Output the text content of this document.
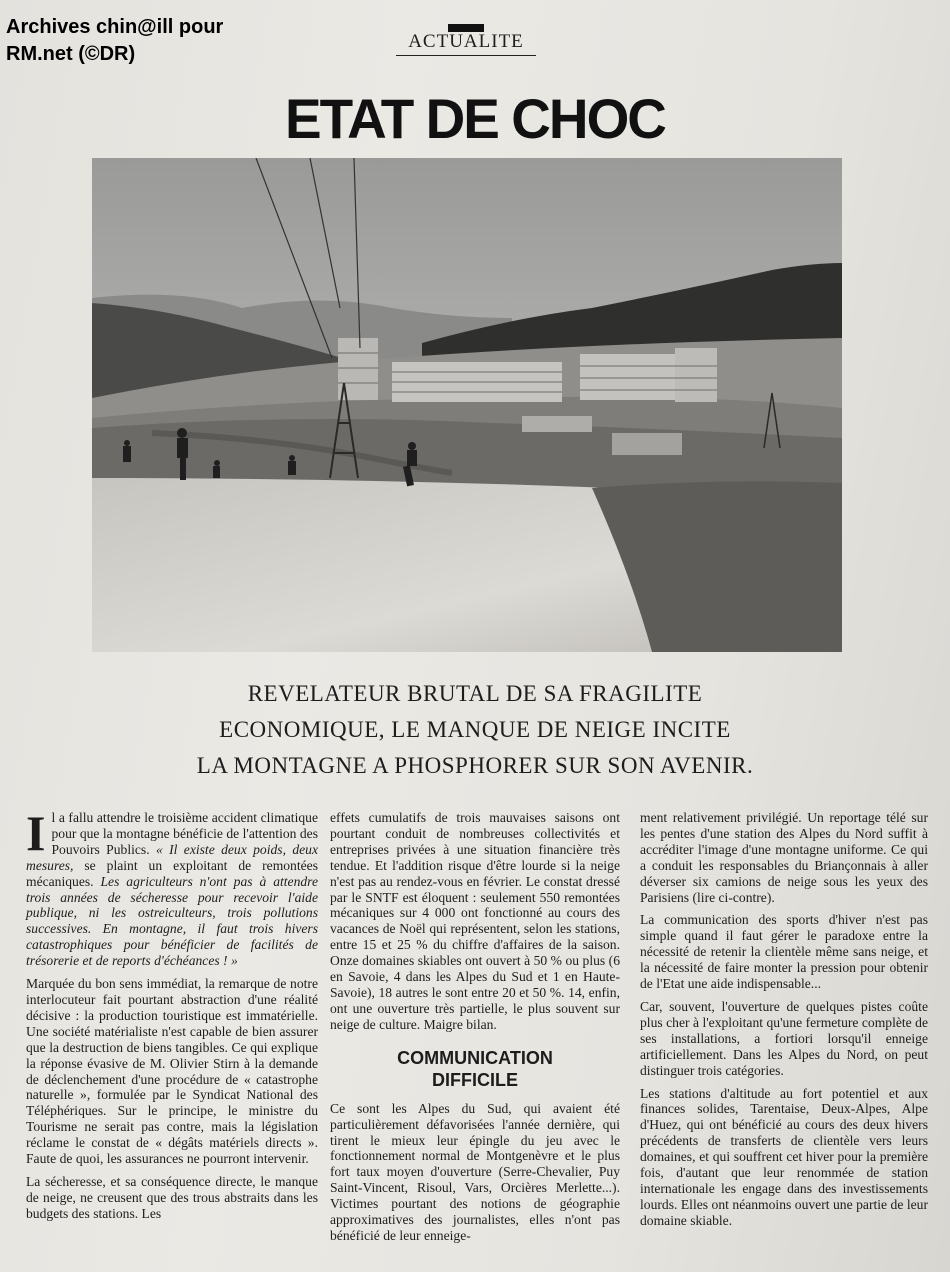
Archives chin@ill pour
RM.net (©DR)
ACTUALITE
ETAT DE CHOC
REVELATEUR BRUTAL DE SA FRAGILITE
ECONOMIQUE, LE MANQUE DE NEIGE INCITE
LA MONTAGNE A PHOSPHORER SUR SON AVENIR.

Il a fallu attendre le troisième accident climatique pour que la montagne bénéficie de l'attention des Pouvoirs Publics. « Il existe deux poids, deux mesures, se plaint un exploitant de remontées mécaniques. Les agriculteurs n'ont pas à attendre trois années de sécheresse pour recevoir l'aide publique, ni les ostreiculteurs, trois pollutions successives. En montagne, il faut trois hivers catastrophiques pour bénéficier de facilités de trésorerie et de reports d'échéances ! »

Marquée du bon sens immédiat, la remarque de notre interlocuteur fait pourtant abstraction d'une réalité décisive : la production touristique est immatérielle. Une société matérialiste n'est capable de bien assurer que la destruction de biens tangibles. Ce qui explique la réponse évasive de M. Olivier Stirn à la demande de déclenchement d'une procédure de « catastrophe naturelle », formulée par le Syndicat National des Téléphériques. Sur le principe, le ministre du Tourisme ne serait pas contre, mais la législation réclame le constat de « dégâts matériels directs ». Faute de quoi, les assurances ne pourront intervenir.

La sécheresse, et sa conséquence directe, le manque de neige, ne creusent que des trous abstraits dans les budgets des stations. Les

effets cumulatifs de trois mauvaises saisons ont pourtant conduit de nombreuses collectivités et entreprises privées à une situation financière très tendue. Et l'addition risque d'être lourde si la neige n'est pas au rendez-vous en février. Le constat dressé par le SNTF est éloquent : seulement 550 remontées mécaniques sur 4 000 ont fonctionné au cours des vacances de Noël qui représentent, selon les stations, entre 15 et 25 % du chiffre d'affaires de la saison. Onze domaines skiables ont ouvert à 50 % ou plus (6 en Savoie, 4 dans les Alpes du Sud et 1 en Haute-Savoie), 18 autres le sont entre 20 et 50 %. 14, enfin, ont une ouverture très partielle, le plus souvent sur neige de culture. Maigre bilan.

COMMUNICATION
DIFFICILE

Ce sont les Alpes du Sud, qui avaient été particulièrement défavorisées l'année dernière, qui tirent le mieux leur épingle du jeu avec le fonctionnement normal de Montgenèvre et le plus fort taux moyen d'ouverture (Serre-Chevalier, Puy Saint-Vincent, Risoul, Vars, Orcières Merlette...). Victimes pourtant des notions de géographie approximatives des journalistes, elles n'ont pas bénéficié de leur enneige-

ment relativement privilégié. Un reportage télé sur les pentes d'une station des Alpes du Nord suffit à accréditer l'image d'une montagne uniforme. Ce qui a conduit les responsables du Briançonnais à aller déverser six camions de neige sous les yeux des Parisiens (lire ci-contre).

La communication des sports d'hiver n'est pas simple quand il faut gérer le paradoxe entre la nécessité de retenir la clientèle même sans neige, et la nécessité de faire monter la pression pour obtenir de l'Etat une aide indispensable...

Car, souvent, l'ouverture de quelques pistes coûte plus cher à l'exploitant qu'une fermeture complète de ses installations, a fortiori lorsqu'il enneige artificiellement. Dans les Alpes du Nord, on peut distinguer trois catégories.

Les stations d'altitude au fort potentiel et aux finances solides, Tarentaise, Deux-Alpes, Alpe d'Huez, qui ont bénéficié au cours des deux hivers précédents de transferts de clientèle vers leurs domaines, et qui souffrent cet hiver pour la première fois, d'autant que leur renommée de station internationale les engage dans des investissements lourds. Elles ont néanmoins ouvert une partie de leur domaine skiable.
